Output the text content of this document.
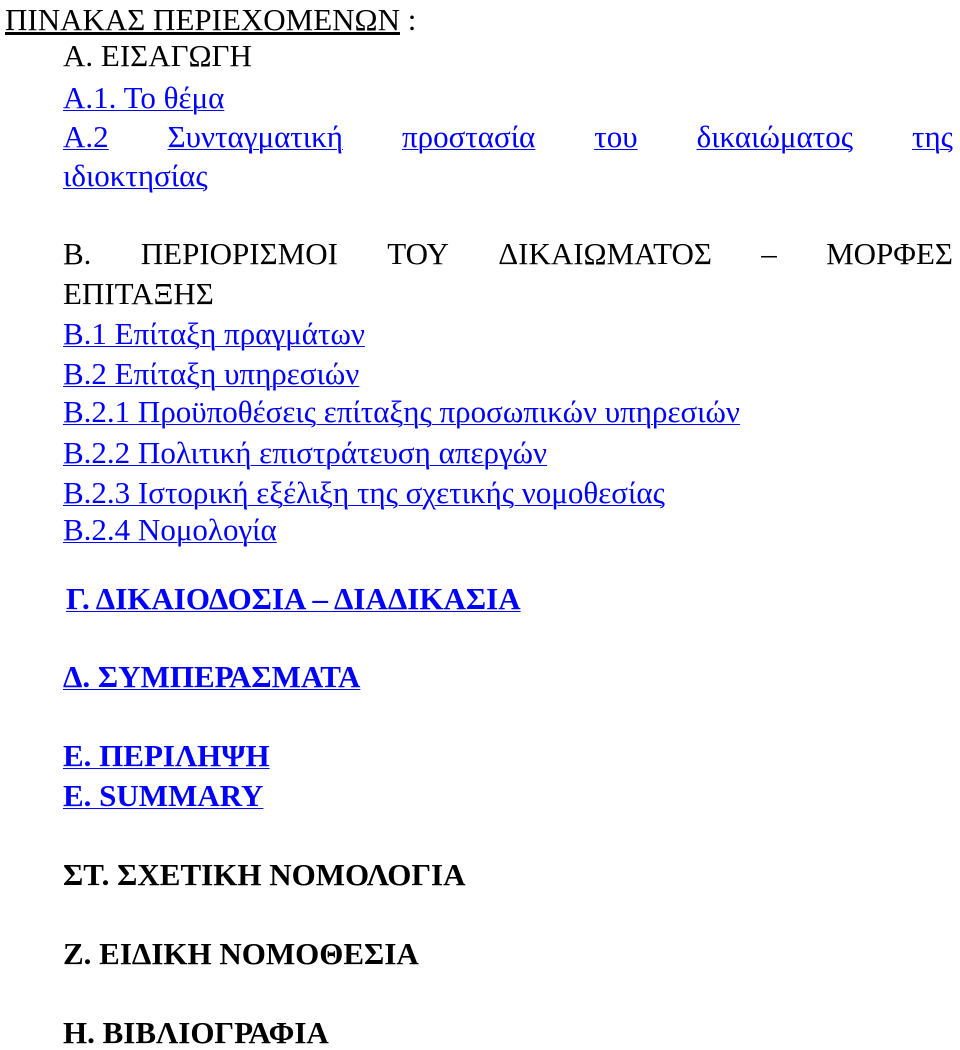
ΠΙΝΑΚΑΣ ΠΕΡΙΕΧΟΜΕΝΩΝ :
Α. ΕΙΣΑΓΩΓΗ
Α.1. Το θέμα
Α.2 Συνταγματική προστασία του δικαιώματος της
ιδιοκτησίας
Β. ΠΕΡΙΟΡΙΣΜΟΙ ΤΟΥ ΔΙΚΑΙΩΜΑΤΟΣ – ΜΟΡΦΕΣ
ΕΠΙΤΑΞΗΣ
Β.1 Επίταξη πραγμάτων
Β.2 Επίταξη υπηρεσιών
Β.2.1 Προϋποθέσεις επίταξης προσωπικών υπηρεσιών
Β.2.2 Πολιτική επιστράτευση απεργών
Β.2.3 Ιστορική εξέλιξη της σχετικής νομοθεσίας
Β.2.4 Νομολογία
Γ. ΔΙΚΑΙΟΔΟΣΙΑ – ΔΙΑΔΙΚΑΣΙΑ
Δ. ΣΥΜΠΕΡΑΣΜΑΤΑ
Ε. ΠΕΡΙΛΗΨΗ
Ε. SUMMARY
ΣΤ. ΣΧΕΤΙΚΗ ΝΟΜΟΛΟΓΙΑ
Ζ. ΕΙΔΙΚΗ ΝΟΜΟΘΕΣΙΑ
Η. ΒΙΒΛΙΟΓΡΑΦΙΑ
